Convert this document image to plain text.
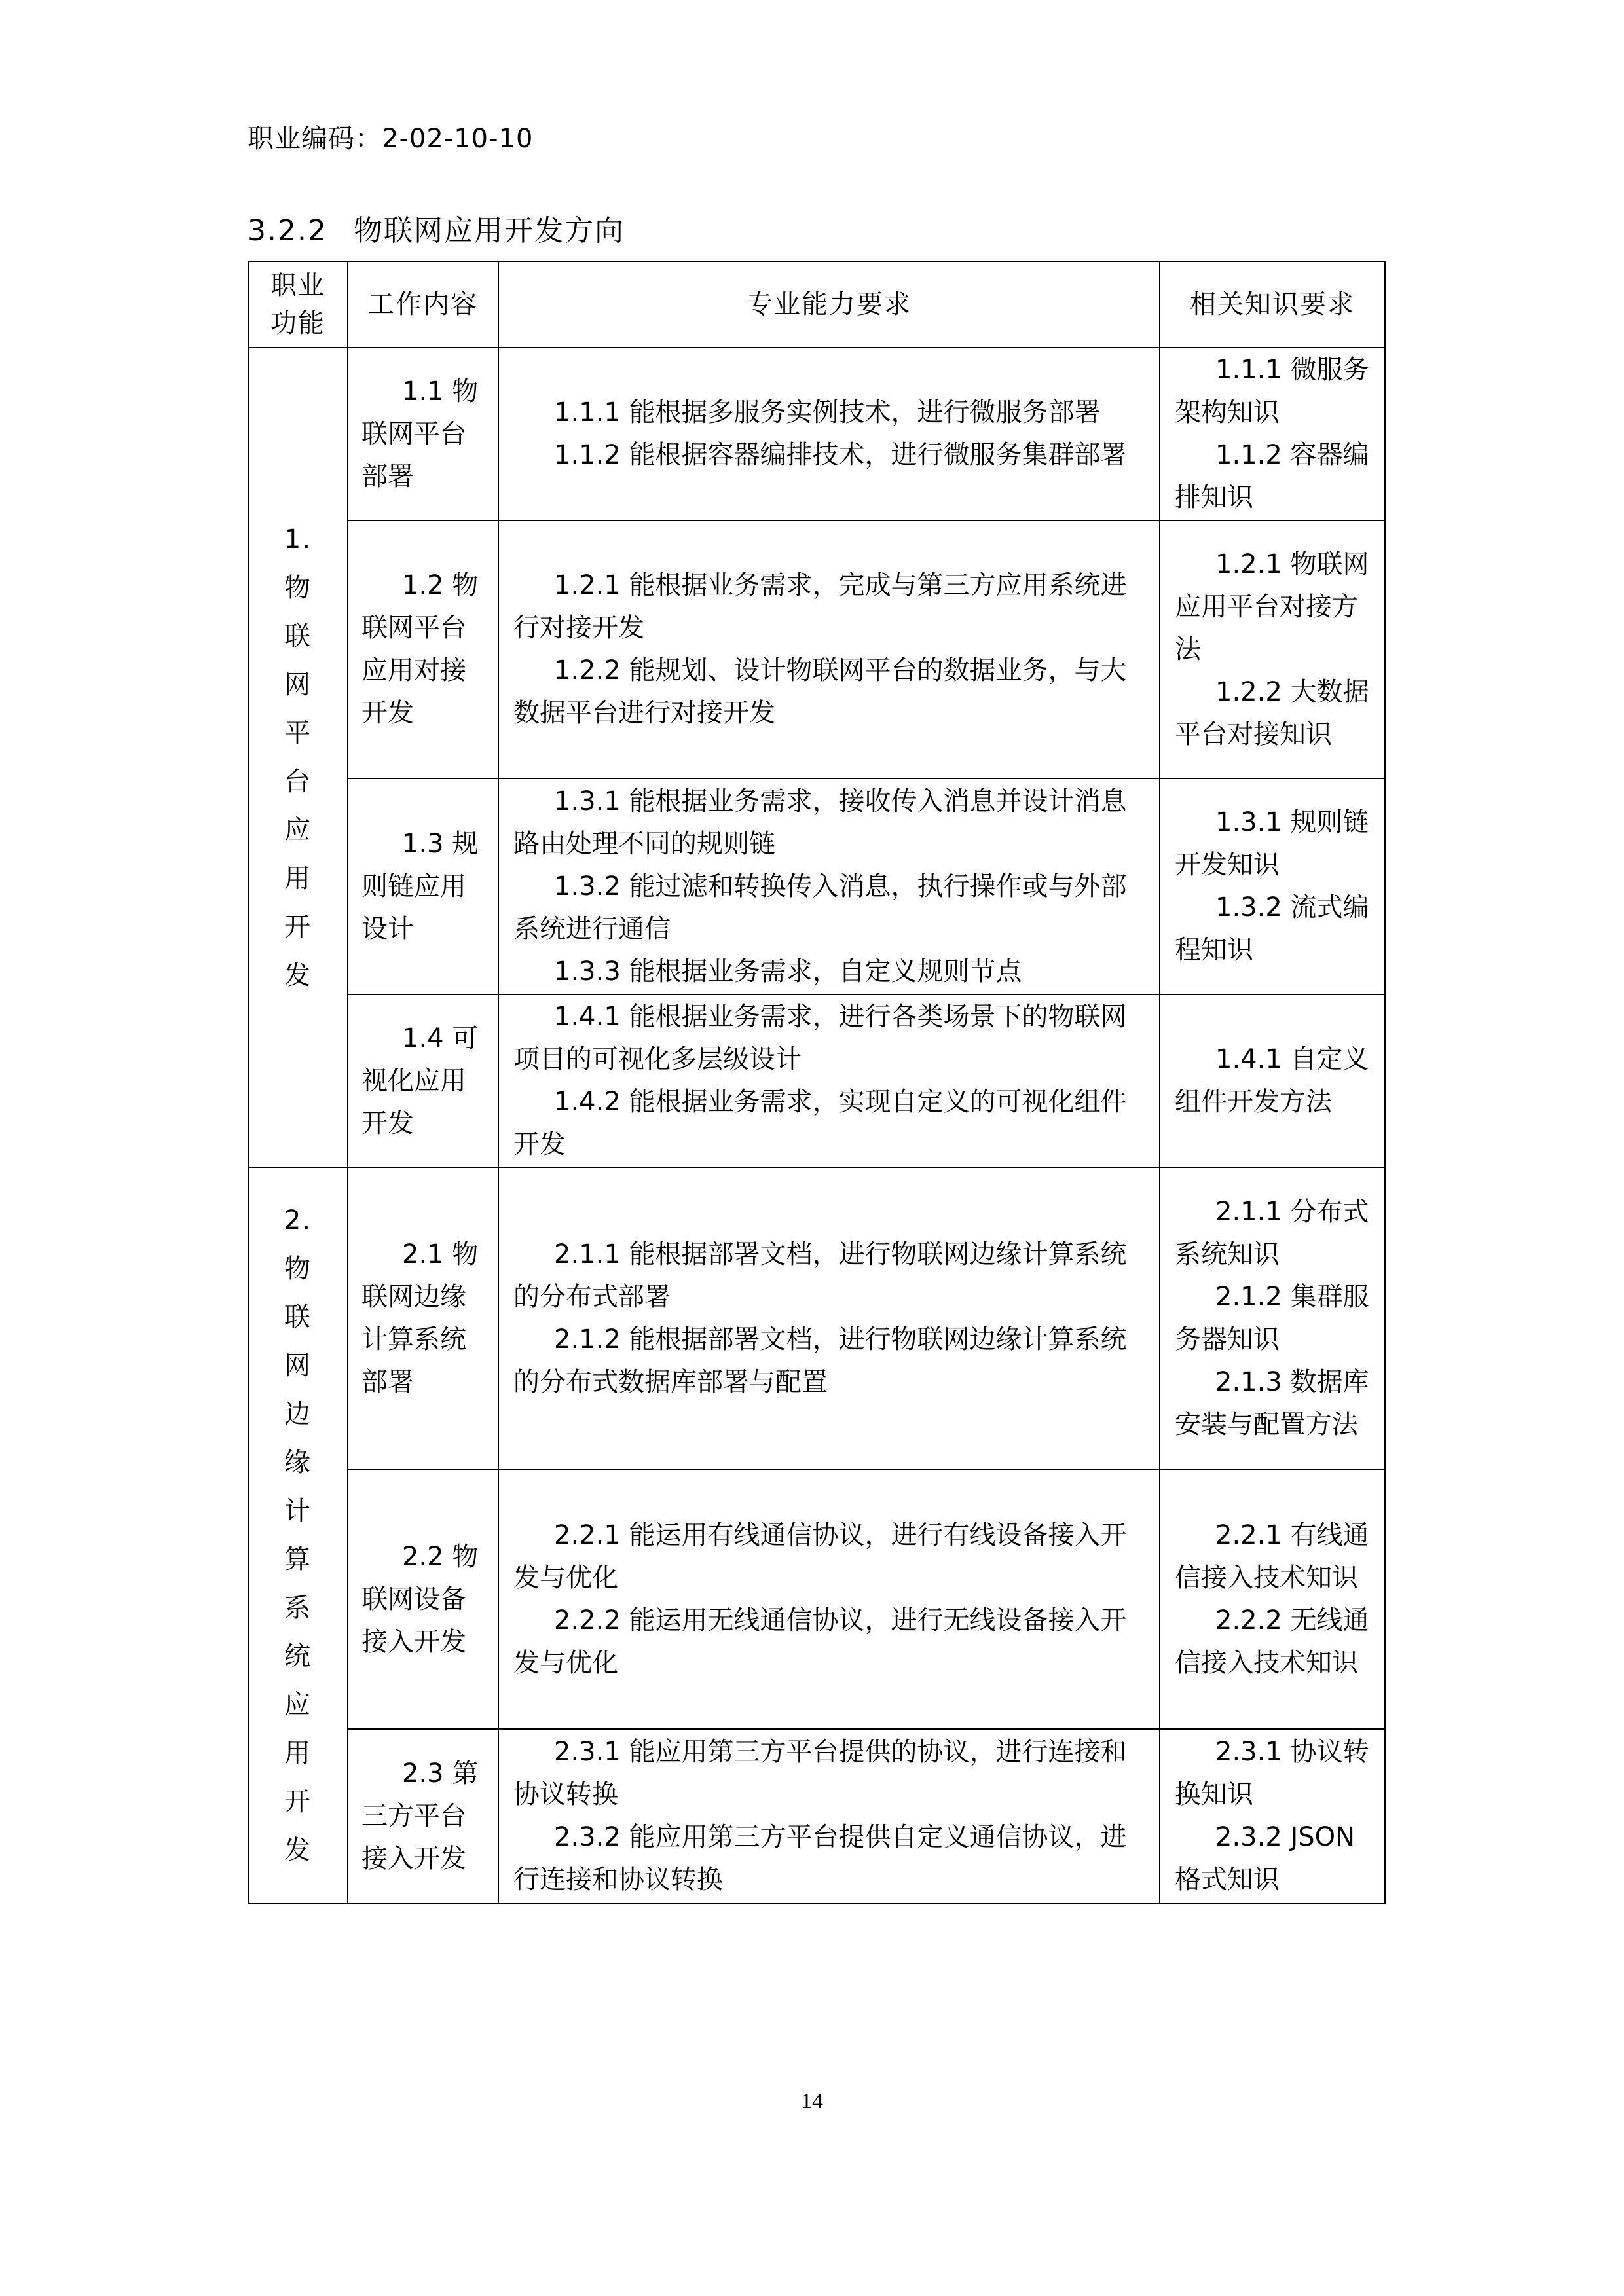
职业编码：2-02-10-10
3.2.2 物联网应用开发方向
职业功能	工作内容	专业能力要求	相关知识要求
1.物联网平台应用开发	1.1 物联网平台部署	1.1.1 能根据多服务实例技术，进行微服务部署
1.1.2 能根据容器编排技术，进行微服务集群部署	1.1.1 微服务架构知识
1.1.2 容器编排知识

	1.2 物联网平台应用对接开发	1.2.1 能根据业务需求，完成与第三方应用系统进行对接开发
1.2.2 能规划、设计物联网平台的数据业务，与大数据平台进行对接开发	1.2.1 物联网应用平台对接方法
1.2.2 大数据平台对接知识

	1.3 规则链应用设计	1.3.1 能根据业务需求，接收传入消息并设计消息路由处理不同的规则链
1.3.2 能过滤和转换传入消息，执行操作或与外部系统进行通信
1.3.3 能根据业务需求，自定义规则节点	1.3.1 规则链开发知识
1.3.2 流式编程知识

	1.4 可视化应用开发	1.4.1 能根据业务需求，进行各类场景下的物联网项目的可视化多层级设计
1.4.2 能根据业务需求，实现自定义的可视化组件开发	1.4.1 自定义组件开发方法

2.物联网边缘计算系统应用开发	2.1 物联网边缘计算系统部署	2.1.1 能根据部署文档，进行物联网边缘计算系统的分布式部署
2.1.2 能根据部署文档，进行物联网边缘计算系统的分布式数据库部署与配置	2.1.1 分布式系统知识
2.1.2 集群服务器知识
2.1.3 数据库安装与配置方法

	2.2 物联网设备接入开发	2.2.1 能运用有线通信协议，进行有线设备接入开发与优化
2.2.2 能运用无线通信协议，进行无线设备接入开发与优化	2.2.1 有线通信接入技术知识
2.2.2 无线通信接入技术知识

	2.3 第三方平台接入开发	2.3.1 能应用第三方平台提供的协议，进行连接和协议转换
2.3.2 能应用第三方平台提供自定义通信协议，进行连接和协议转换	2.3.1 协议转换知识
2.3.2 JSON格式知识
14
